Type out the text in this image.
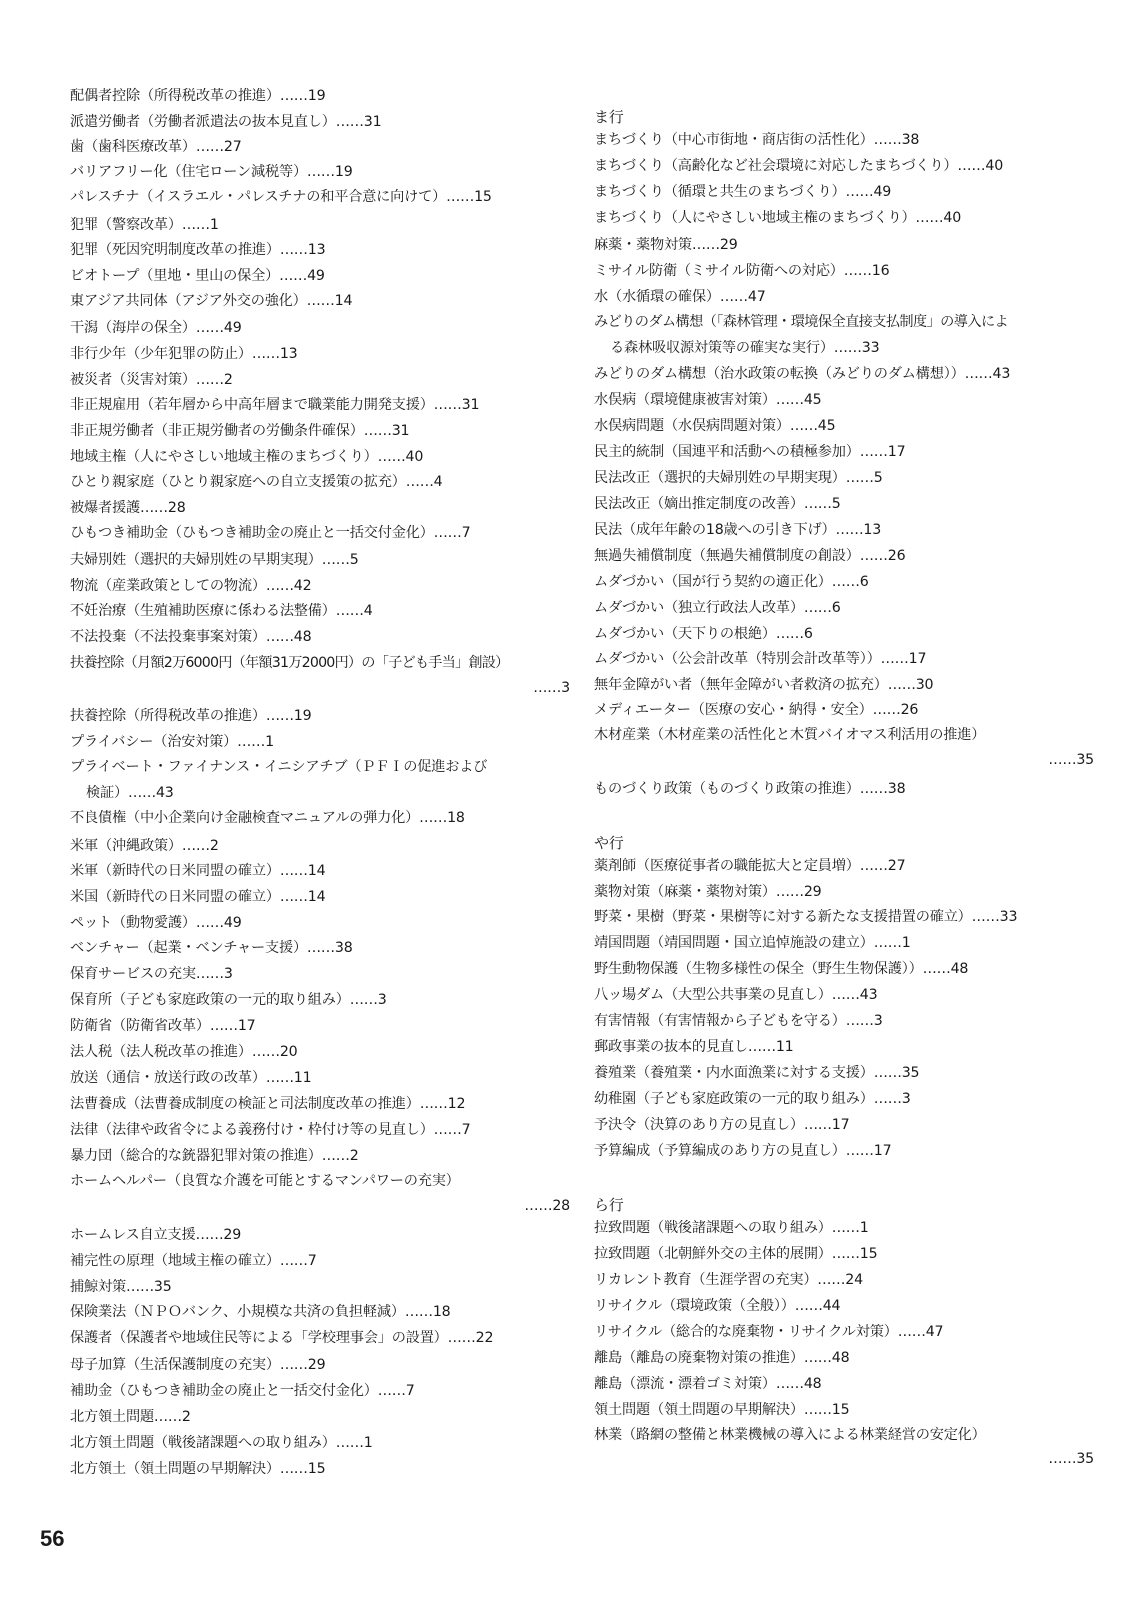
配偶者控除（所得税改革の推進）……19
派遣労働者（労働者派遣法の抜本見直し）……31
歯（歯科医療改革）……27
バリアフリー化（住宅ローン減税等）……19
パレスチナ（イスラエル・パレスチナの和平合意に向けて）……15
犯罪（警察改革）……1
犯罪（死因究明制度改革の推進）……13
ビオトープ（里地・里山の保全）……49
東アジア共同体（アジア外交の強化）……14
干潟（海岸の保全）……49
非行少年（少年犯罪の防止）……13
被災者（災害対策）……2
非正規雇用（若年層から中高年層まで職業能力開発支援）……31
非正規労働者（非正規労働者の労働条件確保）……31
地域主権（人にやさしい地域主権のまちづくり）……40
ひとり親家庭（ひとり親家庭への自立支援策の拡充）……4
被爆者援護……28
ひもつき補助金（ひもつき補助金の廃止と一括交付金化）……7
夫婦別姓（選択的夫婦別姓の早期実現）……5
物流（産業政策としての物流）……42
不妊治療（生殖補助医療に係わる法整備）……4
不法投棄（不法投棄事案対策）……48
扶養控除（月額2万6000円（年額31万2000円）の「子ども手当」創設）
……3
扶養控除（所得税改革の推進）……19
プライバシー（治安対策）……1
プライベート・ファイナンス・イニシアチブ（ＰＦＩの促進および
検証）……43
不良債権（中小企業向け金融検査マニュアルの弾力化）……18
米軍（沖縄政策）……2
米軍（新時代の日米同盟の確立）……14
米国（新時代の日米同盟の確立）……14
ペット（動物愛護）……49
ベンチャー（起業・ベンチャー支援）……38
保育サービスの充実……3
保育所（子ども家庭政策の一元的取り組み）……3
防衛省（防衛省改革）……17
法人税（法人税改革の推進）……20
放送（通信・放送行政の改革）……11
法曹養成（法曹養成制度の検証と司法制度改革の推進）……12
法律（法律や政省令による義務付け・枠付け等の見直し）……7
暴力団（総合的な銃器犯罪対策の推進）……2
ホームヘルパー（良質な介護を可能とするマンパワーの充実）
……28
ホームレス自立支援……29
補完性の原理（地域主権の確立）……7
捕鯨対策……35
保険業法（ＮＰＯバンク、小規模な共済の負担軽減）……18
保護者（保護者や地域住民等による「学校理事会」の設置）……22
母子加算（生活保護制度の充実）……29
補助金（ひもつき補助金の廃止と一括交付金化）……7
北方領土問題……2
北方領土問題（戦後諸課題への取り組み）……1
北方領土（領土問題の早期解決）……15
ま行
まちづくり（中心市街地・商店街の活性化）……38
まちづくり（高齢化など社会環境に対応したまちづくり）……40
まちづくり（循環と共生のまちづくり）……49
まちづくり（人にやさしい地域主権のまちづくり）……40
麻薬・薬物対策……29
ミサイル防衛（ミサイル防衛への対応）……16
水（水循環の確保）……47
みどりのダム構想（「森林管理・環境保全直接支払制度」の導入によ
る森林吸収源対策等の確実な実行）……33
みどりのダム構想（治水政策の転換（みどりのダム構想））……43
水俣病（環境健康被害対策）……45
水俣病問題（水俣病問題対策）……45
民主的統制（国連平和活動への積極参加）……17
民法改正（選択的夫婦別姓の早期実現）……5
民法改正（嫡出推定制度の改善）……5
民法（成年年齢の18歳への引き下げ）……13
無過失補償制度（無過失補償制度の創設）……26
ムダづかい（国が行う契約の適正化）……6
ムダづかい（独立行政法人改革）……6
ムダづかい（天下りの根絶）……6
ムダづかい（公会計改革（特別会計改革等））……17
無年金障がい者（無年金障がい者救済の拡充）……30
メディエーター（医療の安心・納得・安全）……26
木材産業（木材産業の活性化と木質バイオマス利活用の推進）
……35
ものづくり政策（ものづくり政策の推進）……38
や行
薬剤師（医療従事者の職能拡大と定員増）……27
薬物対策（麻薬・薬物対策）……29
野菜・果樹（野菜・果樹等に対する新たな支援措置の確立）……33
靖国問題（靖国問題・国立追悼施設の建立）……1
野生動物保護（生物多様性の保全（野生生物保護））……48
八ッ場ダム（大型公共事業の見直し）……43
有害情報（有害情報から子どもを守る）……3
郵政事業の抜本的見直し……11
養殖業（養殖業・内水面漁業に対する支援）……35
幼稚園（子ども家庭政策の一元的取り組み）……3
予決令（決算のあり方の見直し）……17
予算編成（予算編成のあり方の見直し）……17
ら行
拉致問題（戦後諸課題への取り組み）……1
拉致問題（北朝鮮外交の主体的展開）……15
リカレント教育（生涯学習の充実）……24
リサイクル（環境政策（全般））……44
リサイクル（総合的な廃棄物・リサイクル対策）……47
離島（離島の廃棄物対策の推進）……48
離島（漂流・漂着ゴミ対策）……48
領土問題（領土問題の早期解決）……15
林業（路網の整備と林業機械の導入による林業経営の安定化）
……35
56
